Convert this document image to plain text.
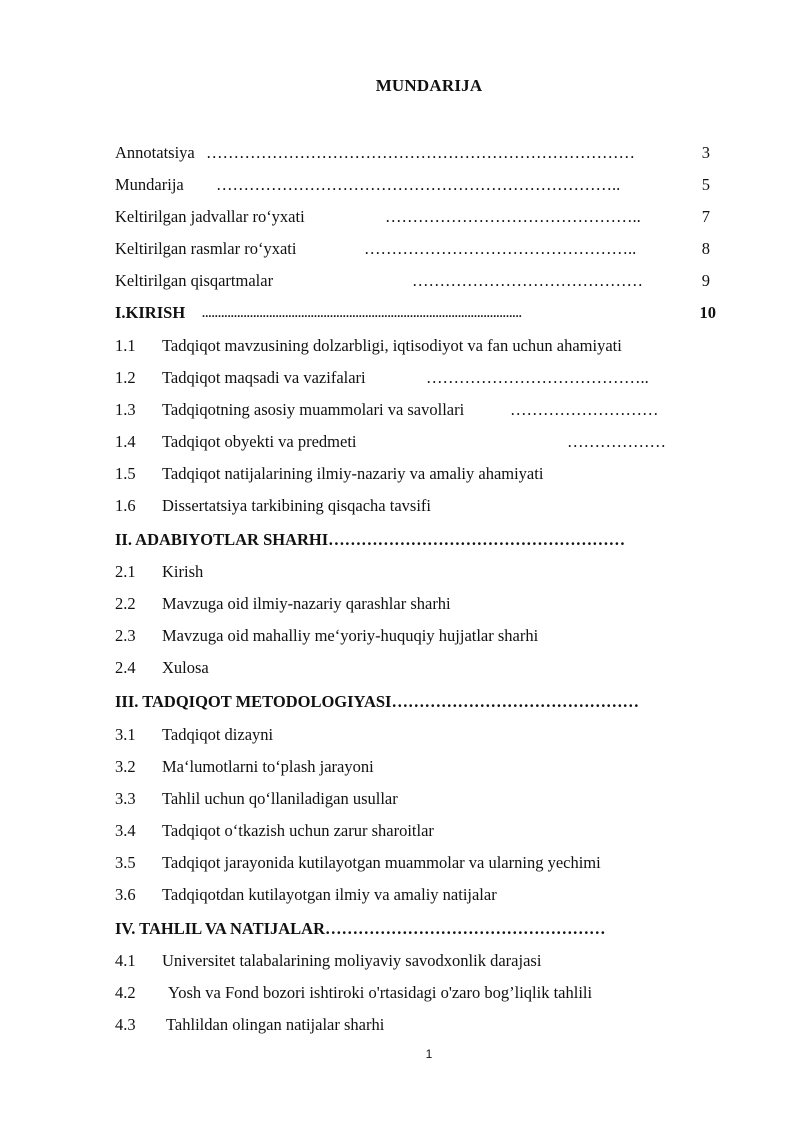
MUNDARIJA
Annotatsiya ……………………………………………………………………	3
Mundarija ………………………………………………………………..	5
Keltirilgan jadvallar ro‘yxati	………………………………………..	7
Keltirilgan rasmlar ro‘yxati	…………………………………………..	8
Keltirilgan qisqartmalar	……………………………………	9
I.KIRISH ....................................................................................................	10
1.1 Tadqiqot mavzusining dolzarbligi, iqtisodiyot va fan uchun ahamiyati
1.2 Tadqiqot maqsadi va vazifalari	…………………………………..
1.3 Tadqiqotning asosiy muammolari va savollari	………………………
1.4 Tadqiqot obyekti va predmeti	………………
1.5 Tadqiqot natijalarining ilmiy-nazariy va amaliy ahamiyati
1.6 Dissertatsiya tarkibining qisqacha tavsifi
II. ADABIYOTLAR SHARHI………………………………………………
2.1 Kirish
2.2 Mavzuga oid ilmiy-nazariy qarashlar sharhi
2.3 Mavzuga oid mahalliy me‘yoriy-huquqiy hujjatlar sharhi
2.4 Xulosa
III. TADQIQOT METODOLOGIYASI………………………………………
3.1 Tadqiqot dizayni
3.2 Ma‘lumotlarni to‘plash jarayoni
3.3 Tahlil uchun qo‘llaniladigan usullar
3.4 Tadqiqot o‘tkazish uchun zarur sharoitlar
3.5 Tadqiqot jarayonida kutilayotgan muammolar va ularning yechimi
3.6 Tadqiqotdan kutilayotgan ilmiy va amaliy natijalar
IV. TAHLIL VA NATIJALAR……………………………………………
4.1 Universitet talabalarining moliyaviy savodxonlik darajasi
4.2 Yosh va Fond bozori ishtiroki o'rtasidagi o'zaro bog’liqlik tahlili
4.3 Tahlildan olingan natijalar sharhi
1
